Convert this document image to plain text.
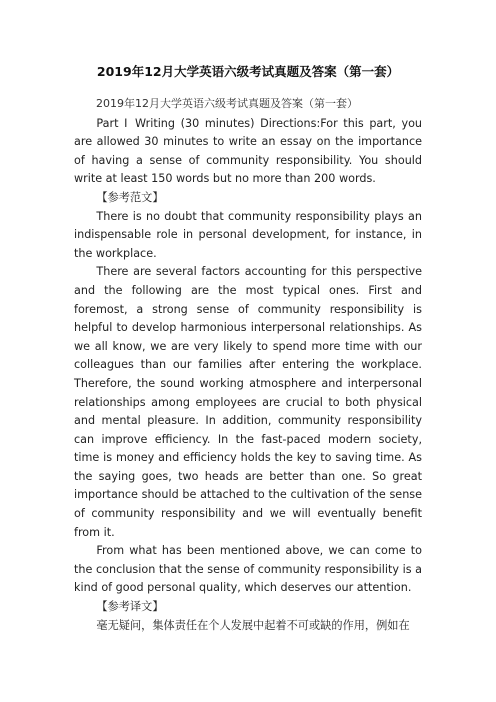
2019年12月大学英语六级考试真题及答案（第一套）

2019年12月大学英语六级考试真题及答案（第一套）

Part Ⅰ Writing (30 minutes) Directions:For this part, you are allowed 30 minutes to write an essay on the importance of having a sense of community responsibility. You should write at least 150 words but no more than 200 words.

【参考范文】

There is no doubt that community responsibility plays an indispensable role in personal development, for instance, in the workplace.

There are several factors accounting for this perspective and the following are the most typical ones. First and foremost, a strong sense of community responsibility is helpful to develop harmonious interpersonal relationships. As we all know, we are very likely to spend more time with our colleagues than our families after entering the workplace. Therefore, the sound working atmosphere and interpersonal relationships among employees are crucial to both physical and mental pleasure. In addition, community responsibility can improve efficiency. In the fast-paced modern society, time is money and efficiency holds the key to saving time. As the saying goes, two heads are better than one. So great importance should be attached to the cultivation of the sense of community responsibility and we will eventually benefit from it.

From what has been mentioned above, we can come to the conclusion that the sense of community responsibility is a kind of good personal quality, which deserves our attention.

【参考译文】

毫无疑问，集体责任在个人发展中起着不可或缺的作用，例如在
